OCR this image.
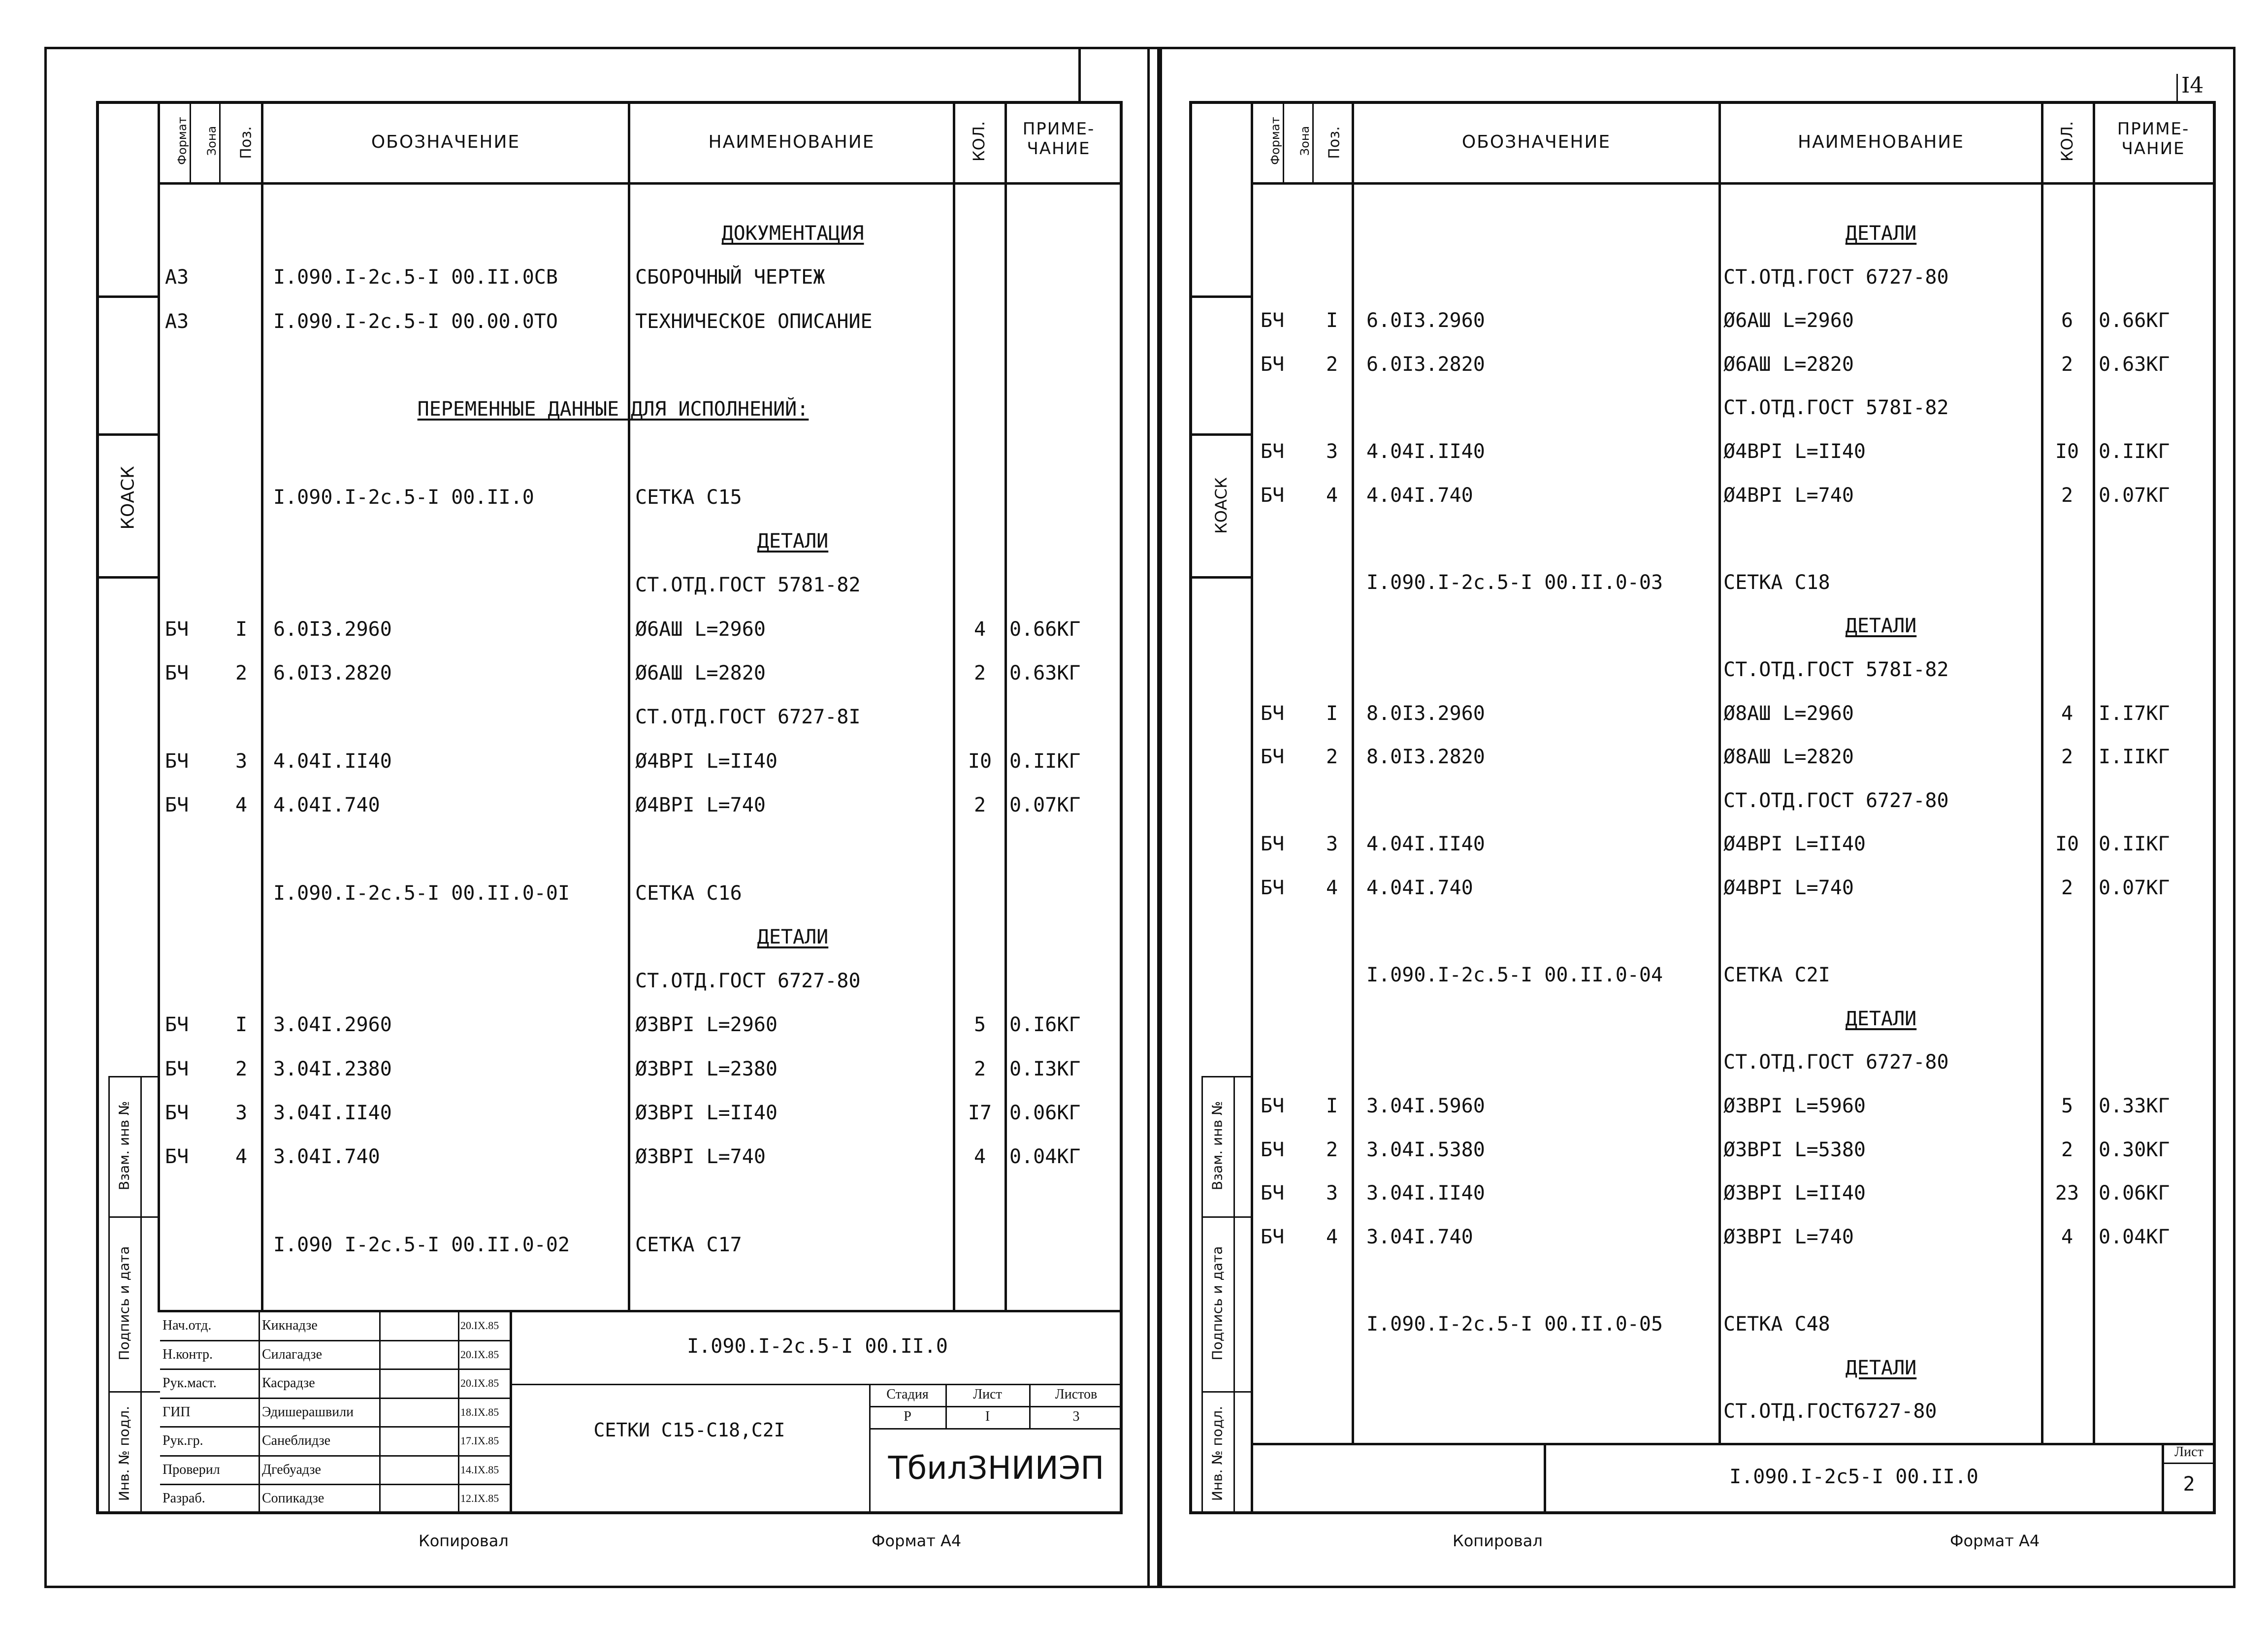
КОАСК
Формат Зона Поз.	ОБОЗНАЧЕНИЕ	НАИМЕНОВАНИЕ	КОЛ.	ПРИМЕ-ЧАНИЕ
ДОКУМЕНТАЦИЯ
А3	I.090.I-2с.5-I 00.II.0СВ	СБОРОЧНЫЙ ЧЕРТЕЖ
А3	I.090.I-2с.5-I 00.00.0ТО	ТЕХНИЧЕСКОЕ ОПИСАНИЕ
ПЕРЕМЕННЫЕ ДАННЫЕ ДЛЯ ИСПОЛНЕНИЙ:
I.090.I-2с.5-I 00.II.0	СЕТКА С15
ДЕТАЛИ
СТ.ОТД.ГОСТ 5781-82
БЧ I 6.0I3.2960	Ø6АШ L=2960	4	0.66КГ
БЧ 2 6.0I3.2820	Ø6АШ L=2820	2	0.63КГ
СТ.ОТД.ГОСТ 6727-8I
БЧ 3 4.04I.II40	Ø4ВРI L=II40	I0 0.IIКГ
БЧ 4 4.04I.740	Ø4ВРI L=740	2	0.07КГ
I.090.I-2с.5-I 00.II.0-0I	СЕТКА С16
ДЕТАЛИ
СТ.ОТД.ГОСТ 6727-80
БЧ I 3.04I.2960	Ø3ВРI L=2960	5	0.I6КГ
БЧ 2 3.04I.2380	Ø3ВРI L=2380	2	0.I3КГ
БЧ 3 3.04I.II40	Ø3ВРI L=II40	I7 0.06КГ
БЧ 4 3.04I.740	Ø3ВРI L=740	4	0.04КГ
I.090 I-2с.5-I 00.II.0-02	СЕТКА С17
Взам. инв №
Подпись и дата
Инв. № подл.
Нач.отд.	Кикнадзе	20.IX.85
Н.контр.	Силагадзе	20.IX.85
Рук.маст.	Касрадзе	20.IX.85
ГИП	Эдишерашвили	18.IX.85
Рук.гр.	Санеблидзе	17.IX.85
Проверил	Дгебуадзе	14.IX.85
Разраб.	Сопикадзе	12.IX.85
I.090.I-2с.5-I 00.II.0
СЕТКИ С15-С18,С2I
Стадия	Лист	Листов
Р	I	3
ТбилЗНИИЭП
Копировал	Формат А4
I4
КОАСК
Формат Зона Поз.	ОБОЗНАЧЕНИЕ	НАИМЕНОВАНИЕ	КОЛ.	ПРИМЕ-ЧАНИЕ
ДЕТАЛИ
СТ.ОТД.ГОСТ 6727-80
БЧ I 6.0I3.2960	Ø6АШ L=2960	6	0.66КГ
БЧ 2 6.0I3.2820	Ø6АШ L=2820	2	0.63КГ
СТ.ОТД.ГОСТ 578I-82
БЧ 3 4.04I.II40	Ø4ВРI L=II40	I0 0.IIКГ
БЧ 4 4.04I.740	Ø4ВРI L=740	2	0.07КГ
I.090.I-2с.5-I 00.II.0-03	СЕТКА С18
ДЕТАЛИ
СТ.ОТД.ГОСТ 578I-82
БЧ I 8.0I3.2960	Ø8АШ L=2960	4	I.I7КГ
БЧ 2 8.0I3.2820	Ø8АШ L=2820	2	I.IIКГ
СТ.ОТД.ГОСТ 6727-80
БЧ 3 4.04I.II40	Ø4ВРI L=II40	I0 0.IIКГ
БЧ 4 4.04I.740	Ø4ВРI L=740	2	0.07КГ
I.090.I-2с.5-I 00.II.0-04	СЕТКА С2I
ДЕТАЛИ
СТ.ОТД.ГОСТ 6727-80
БЧ I 3.04I.5960	Ø3ВРI L=5960	5	0.33КГ
БЧ 2 3.04I.5380	Ø3ВРI L=5380	2	0.30КГ
БЧ 3 3.04I.II40	Ø3ВРI L=II40	23 0.06КГ
БЧ 4 3.04I.740	Ø3ВРI L=740	4	0.04КГ
I.090.I-2с.5-I 00.II.0-05	СЕТКА С48
ДЕТАЛИ
СТ.ОТД.ГОСТ6727-80
Взам. инв №
Подпись и дата
Инв. № подл.	I.090.I-2с5-I 00.II.0
Лист
2
Копировал	Формат А4
